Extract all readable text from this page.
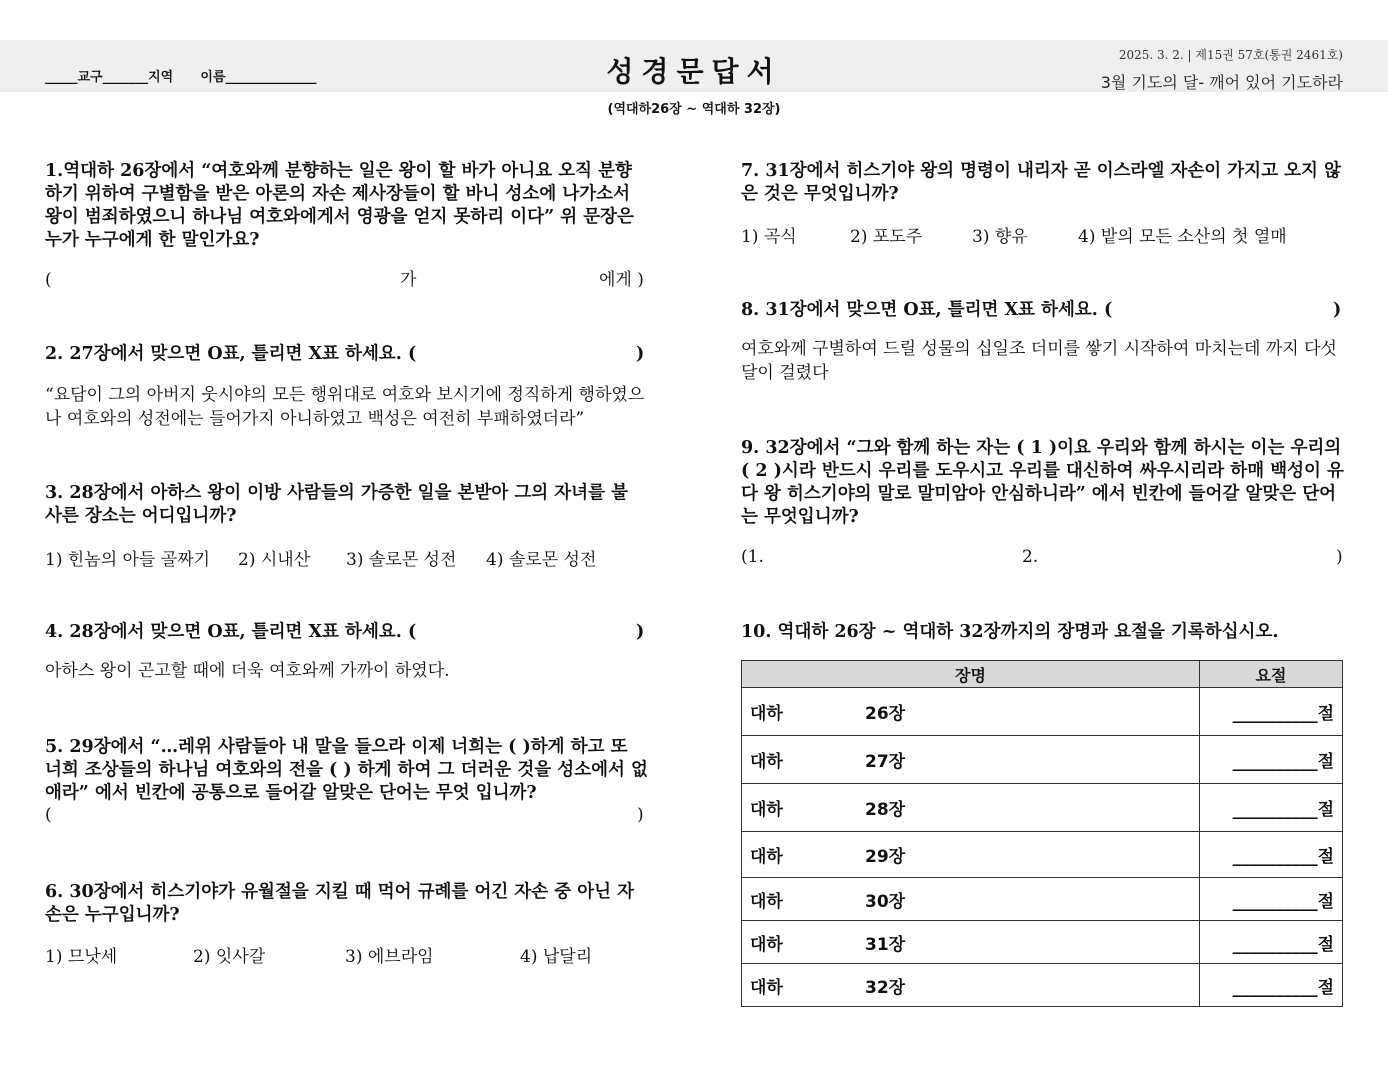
_____교구_______지역      이름______________	성경문답서	2025. 3. 2. | 제15권 57호(통권 2461호)
3월 기도의 달- 깨어 있어 기도하라
(역대하26장 ~ 역대하 32장)
1.역대하 26장에서 “여호와께 분향하는 일은 왕이 할 바가 아니요 오직 분향하기 위하여 구별함을 받은 아론의 자손 제사장들이 할 바니 성소에 나가소서 왕이 범죄하였으니 하나님 여호와에게서 영광을 얻지 못하리 이다” 위 문장은 누가 누구에게 한 말인가요?
(	가	에게 )
2. 27장에서 맞으면 O표, 틀리면 X표 하세요. (	)
“요담이 그의 아버지 웃시야의 모든 행위대로 여호와 보시기에 정직하게 행하였으나 여호와의 성전에는 들어가지 아니하였고 백성은 여전히 부패하였더라”
3. 28장에서 아하스 왕이 이방 사람들의 가증한 일을 본받아 그의 자녀를 불사른 장소는 어디입니까?
1) 힌놈의 아들 골짜기 2) 시내산 3) 솔로몬 성전 4) 솔로몬 성전
4. 28장에서 맞으면 O표, 틀리면 X표 하세요. (	)
아하스 왕이 곤고할 때에 더욱 여호와께 가까이 하였다.
5. 29장에서 “…레위 사람들아 내 말을 들으라 이제 너희는 ( )하게 하고 또 너희 조상들의 하나님 여호와의 전을 ( ) 하게 하여 그 더러운 것을 성소에서 없애라” 에서 빈칸에 공통으로 들어갈 알맞은 단어는 무엇 입니까?
(	)
6. 30장에서 히스기야가 유월절을 지킬 때 먹어 규례를 어긴 자손 중 아닌 자손은 누구입니까?
1) 므낫세	2) 잇사갈	3) 에브라임	4) 납달리
7. 31장에서 히스기야 왕의 명령이 내리자 곧 이스라엘 자손이 가지고 오지 않은 것은 무엇입니까?
1) 곡식	2) 포도주	3) 향유	4) 밭의 모든 소산의 첫 열매
8. 31장에서 맞으면 O표, 틀리면 X표 하세요. (	)
여호와께 구별하여 드릴 성물의 십일조 더미를 쌓기 시작하여 마치는데 까지 다섯 달이 걸렸다
9. 32장에서 “그와 함께 하는 자는 ( 1 )이요 우리와 함께 하시는 이는 우리의 ( 2 )시라 반드시 우리를 도우시고 우리를 대신하여 싸우시리라 하매 백성이 유다 왕 히스기야의 말로 말미암아 안심하니라” 에서 빈칸에 들어갈 알맞은 단어는 무엇입니까?
(1.	2.	)
10. 역대하 26장 ~ 역대하 32장까지의 장명과 요절을 기록하십시오.
장명	요절

대하 26장	__________절

대하 27장	__________절

대하 28장	__________절

대하 29장	__________절

대하 30장	__________절

대하 31장	__________절

대하 32장	__________절
